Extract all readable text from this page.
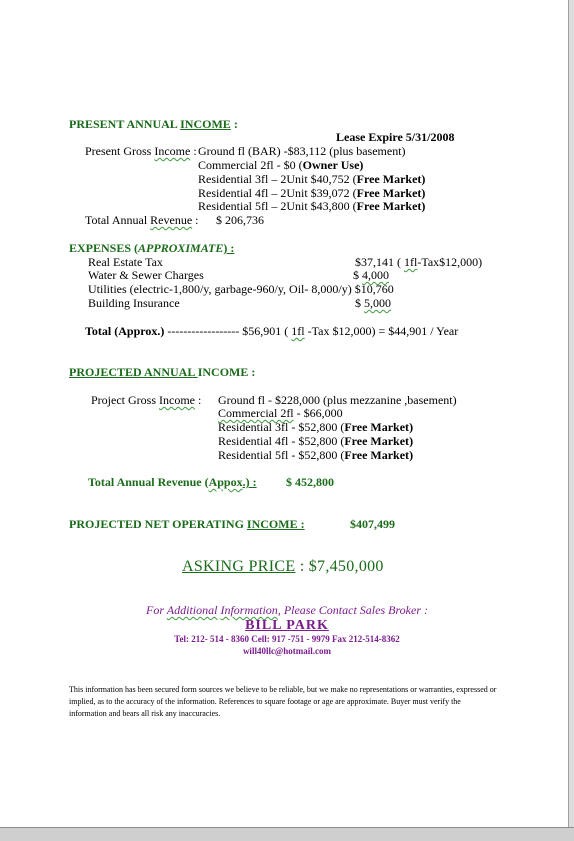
PRESENT ANNUAL INCOME :
Lease Expire 5/31/2008
Present Gross Income : Ground fl (BAR) -$83,112 (plus basement)
Commercial 2fl - $0 (Owner Use)
Residential 3fl – 2Unit $40,752 (Free Market)
Residential 4fl – 2Unit $39,072 (Free Market)
Residential 5fl – 2Unit $43,800 (Free Market)
Total Annual Revenue : $ 206,736
EXPENSES (APPROXIMATE) :
Real Estate Tax	$37,141 ( 1fl-Tax$12,000)
Water & Sewer Charges	$ 4,000
Utilities (electric-1,800/y, garbage-960/y, Oil- 8,000/y) $10,760
Building Insurance	$ 5,000
Total (Approx.) ------------------ $56,901 ( 1fl -Tax $12,000) = $44,901 / Year
PROJECTED ANNUAL INCOME :
Project Gross Income : Ground fl - $228,000 (plus mezzanine ,basement)
Commercial 2fl - $66,000
Residential 3fl - $52,800 (Free Market)
Residential 4fl - $52,800 (Free Market)
Residential 5fl - $52,800 (Free Market)
Total Annual Revenue (Appox.) : $ 452,800
PROJECTED NET OPERATING INCOME :	$407,499
ASKING PRICE : $7,450,000
For Additional Information, Please Contact Sales Broker :
BILL PARK
Tel: 212- 514 - 8360 Cell: 917 -751 - 9979 Fax 212-514-8362
will40llc@hotmail.com
This information has been secured form sources we believe to be reliable, but we make no representations or warranties, expressed or implied, as to the accuracy of the information. References to square footage or age are approximate. Buyer must verify the information and bears all risk any inaccuracies.
